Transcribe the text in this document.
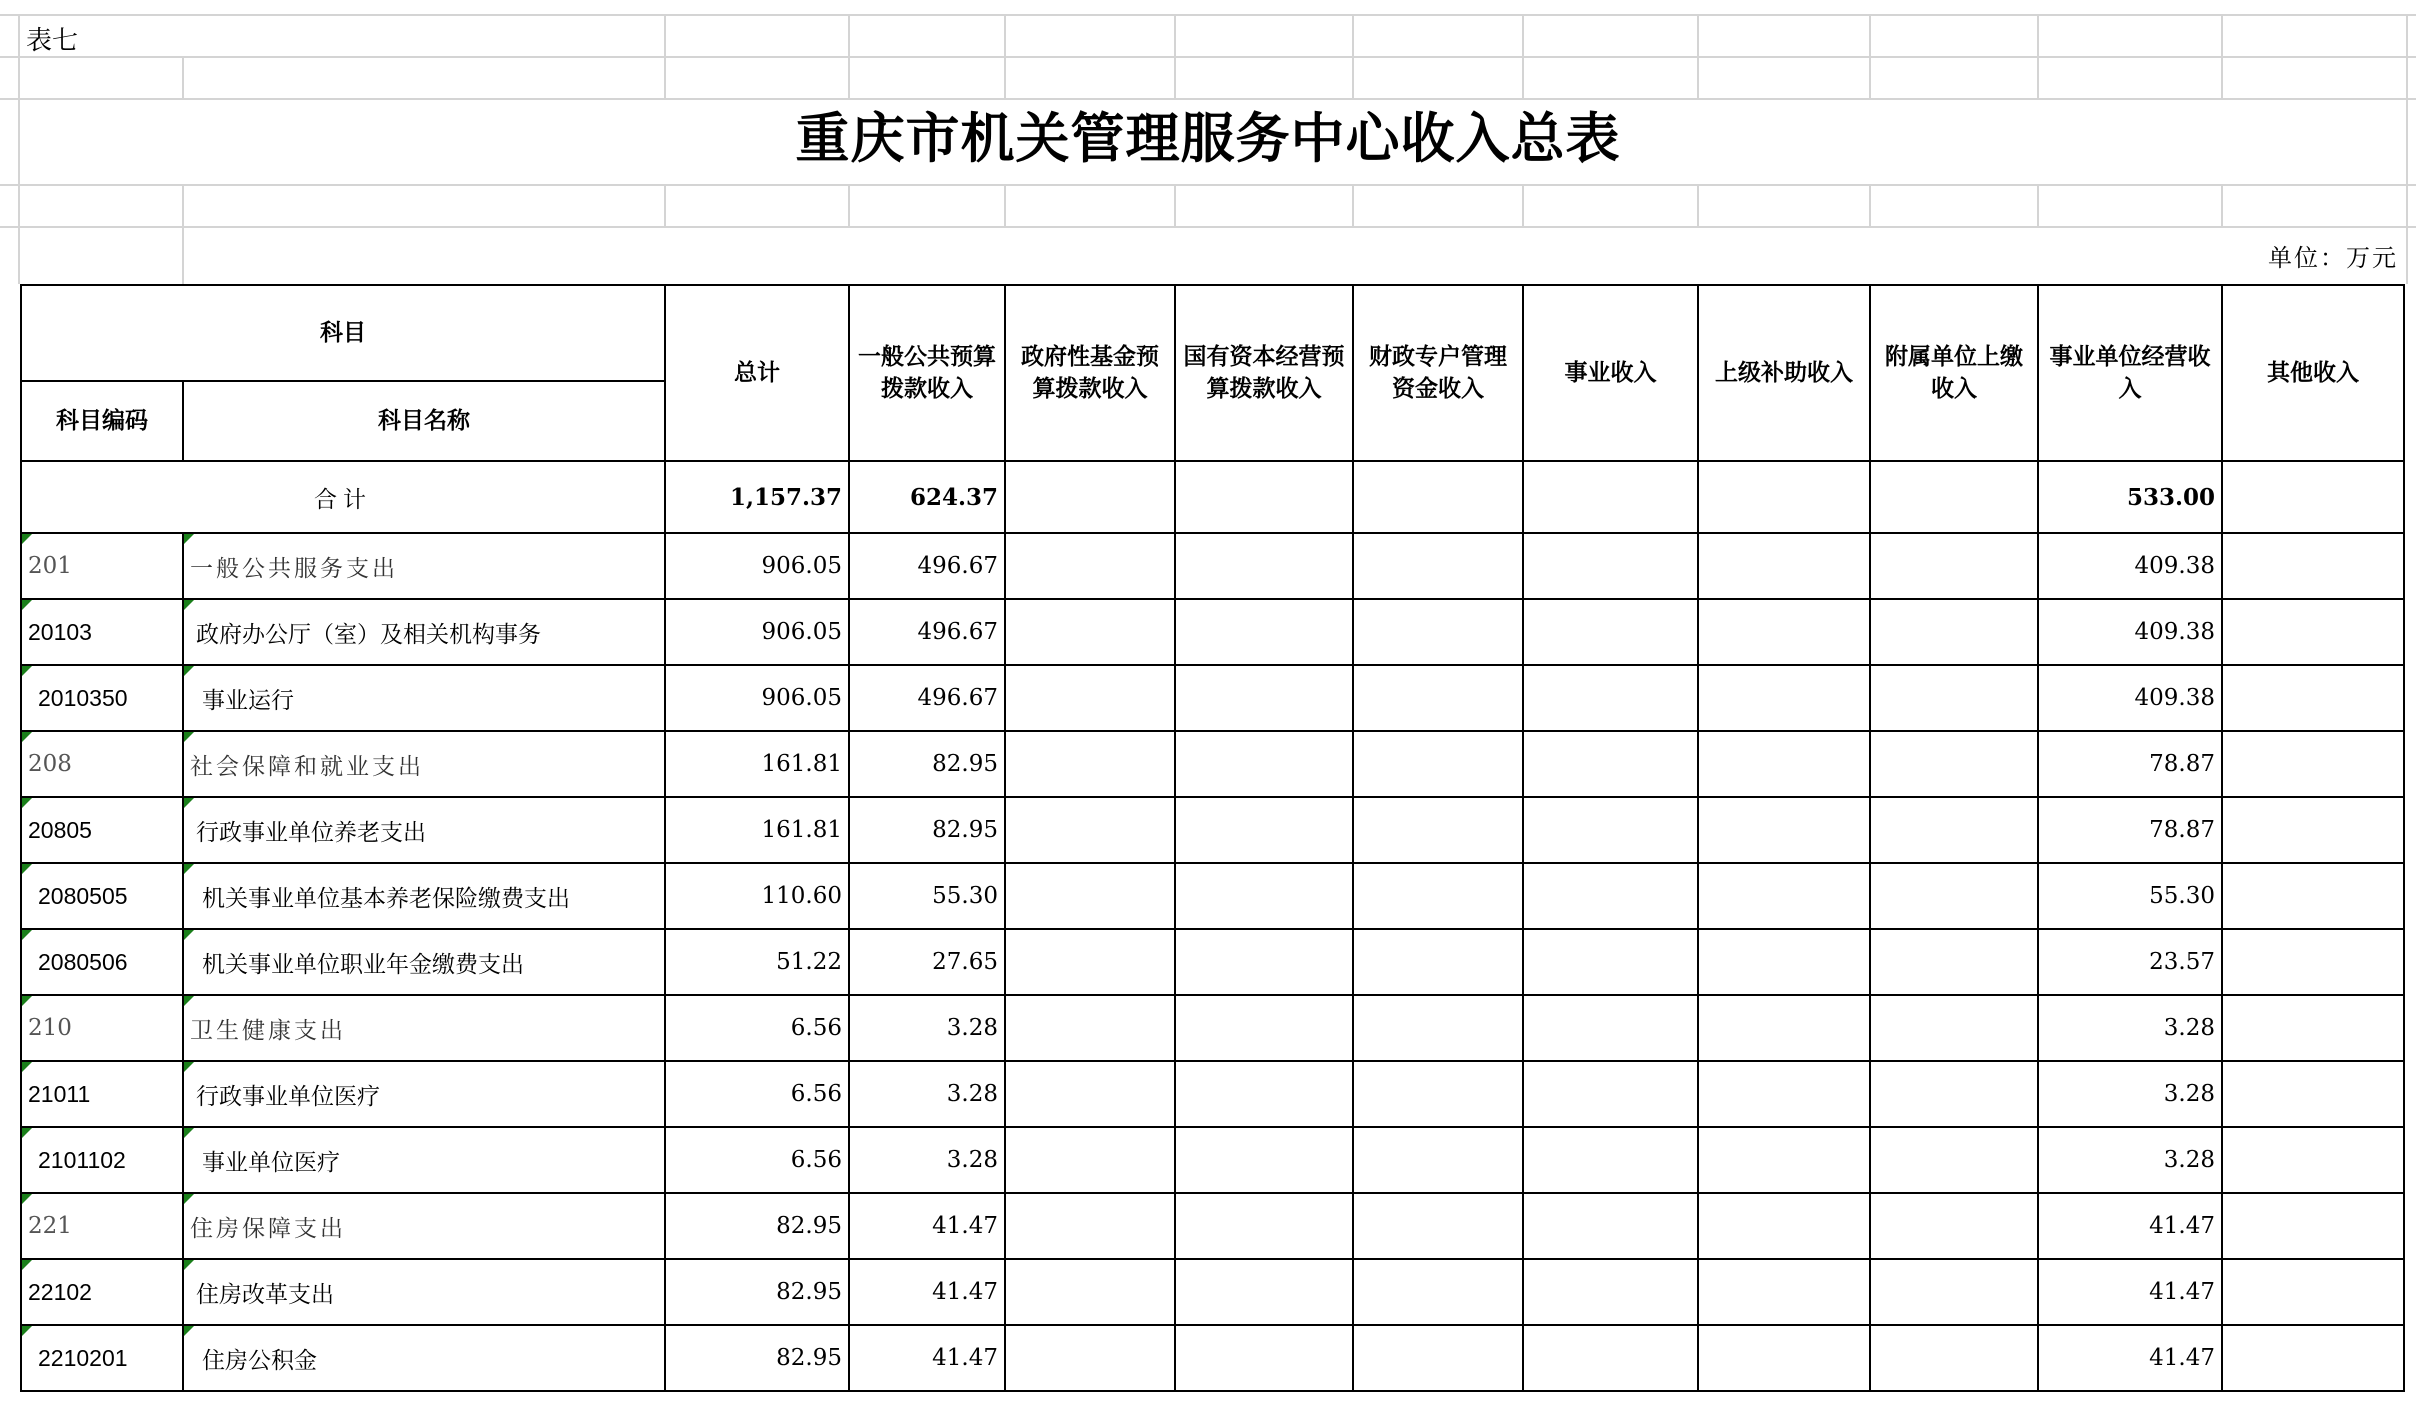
表七
重庆市机关管理服务中心收入总表
单位：万元
科目		总计	一般公共预算拨款收入	政府性基金预算拨款收入	国有资本经营预算拨款收入	财政专户管理资金收入	事业收入	上级补助收入	附属单位上缴收入	事业单位经营收入	其他收入
科目编码	科目名称										
合计		1,157.37	624.37							533.00	
201	一般公共服务支出	906.05	496.67							409.38	
20103	政府办公厅（室）及相关机构事务	906.05	496.67							409.38	
2010350	事业运行	906.05	496.67							409.38	
208	社会保障和就业支出	161.81	82.95							78.87	
20805	行政事业单位养老支出	161.81	82.95							78.87	
2080505	机关事业单位基本养老保险缴费支出	110.60	55.30							55.30	
2080506	机关事业单位职业年金缴费支出	51.22	27.65							23.57	
210	卫生健康支出	6.56	3.28							3.28	
21011	行政事业单位医疗	6.56	3.28							3.28	
2101102	事业单位医疗	6.56	3.28							3.28	
221	住房保障支出	82.95	41.47							41.47	
22102	住房改革支出	82.95	41.47							41.47	
2210201	住房公积金	82.95	41.47							41.47	
